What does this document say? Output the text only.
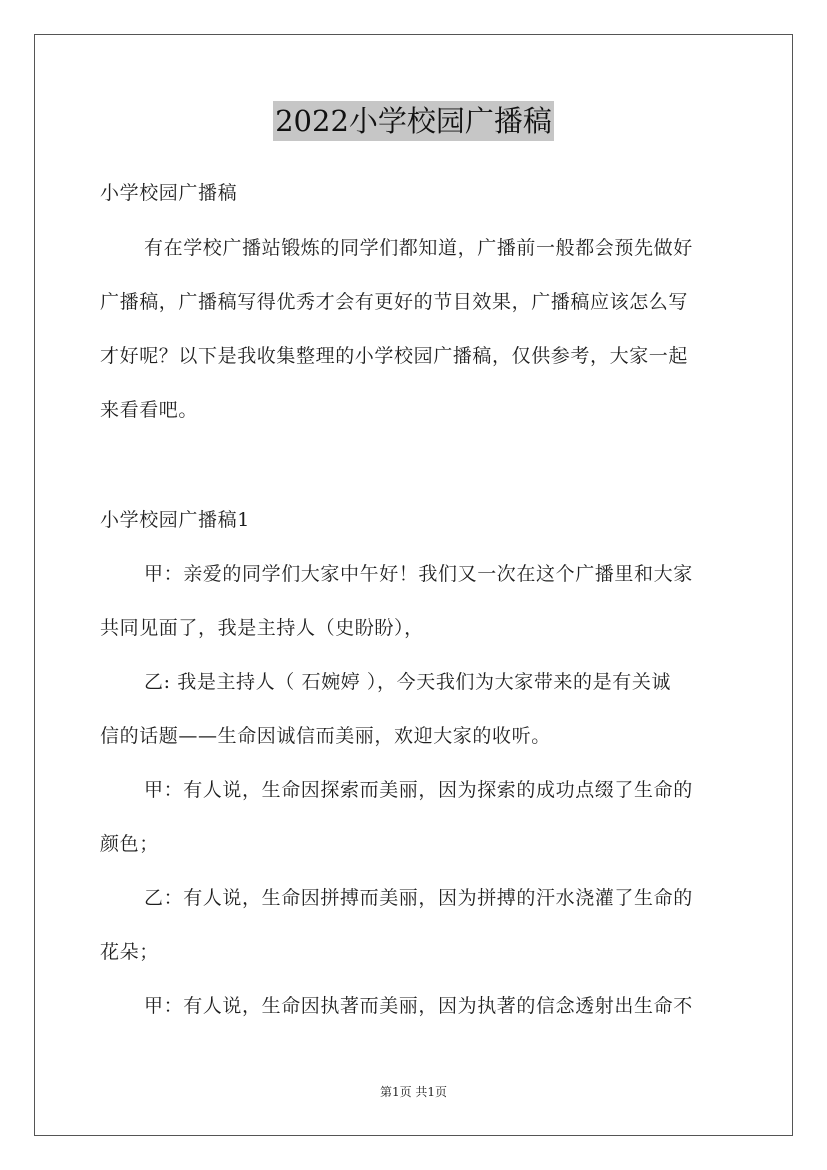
2022小学校园广播稿
小学校园广播稿
有在学校广播站锻炼的同学们都知道，广播前一般都会预先做好
广播稿，广播稿写得优秀才会有更好的节目效果，广播稿应该怎么写
才好呢？以下是我收集整理的小学校园广播稿，仅供参考，大家一起
来看看吧。
小学校园广播稿1
甲：亲爱的同学们大家中午好！我们又一次在这个广播里和大家
共同见面了，我是主持人（史盼盼），
乙: 我是主持人（ 石婉婷 ），今天我们为大家带来的是有关诚
信的话题——生命因诚信而美丽，欢迎大家的收听。
甲：有人说，生命因探索而美丽，因为探索的成功点缀了生命的
颜色；
乙：有人说，生命因拼搏而美丽，因为拼搏的汗水浇灌了生命的
花朵；
甲：有人说，生命因执著而美丽，因为执著的信念透射出生命不
第1页 共1页
